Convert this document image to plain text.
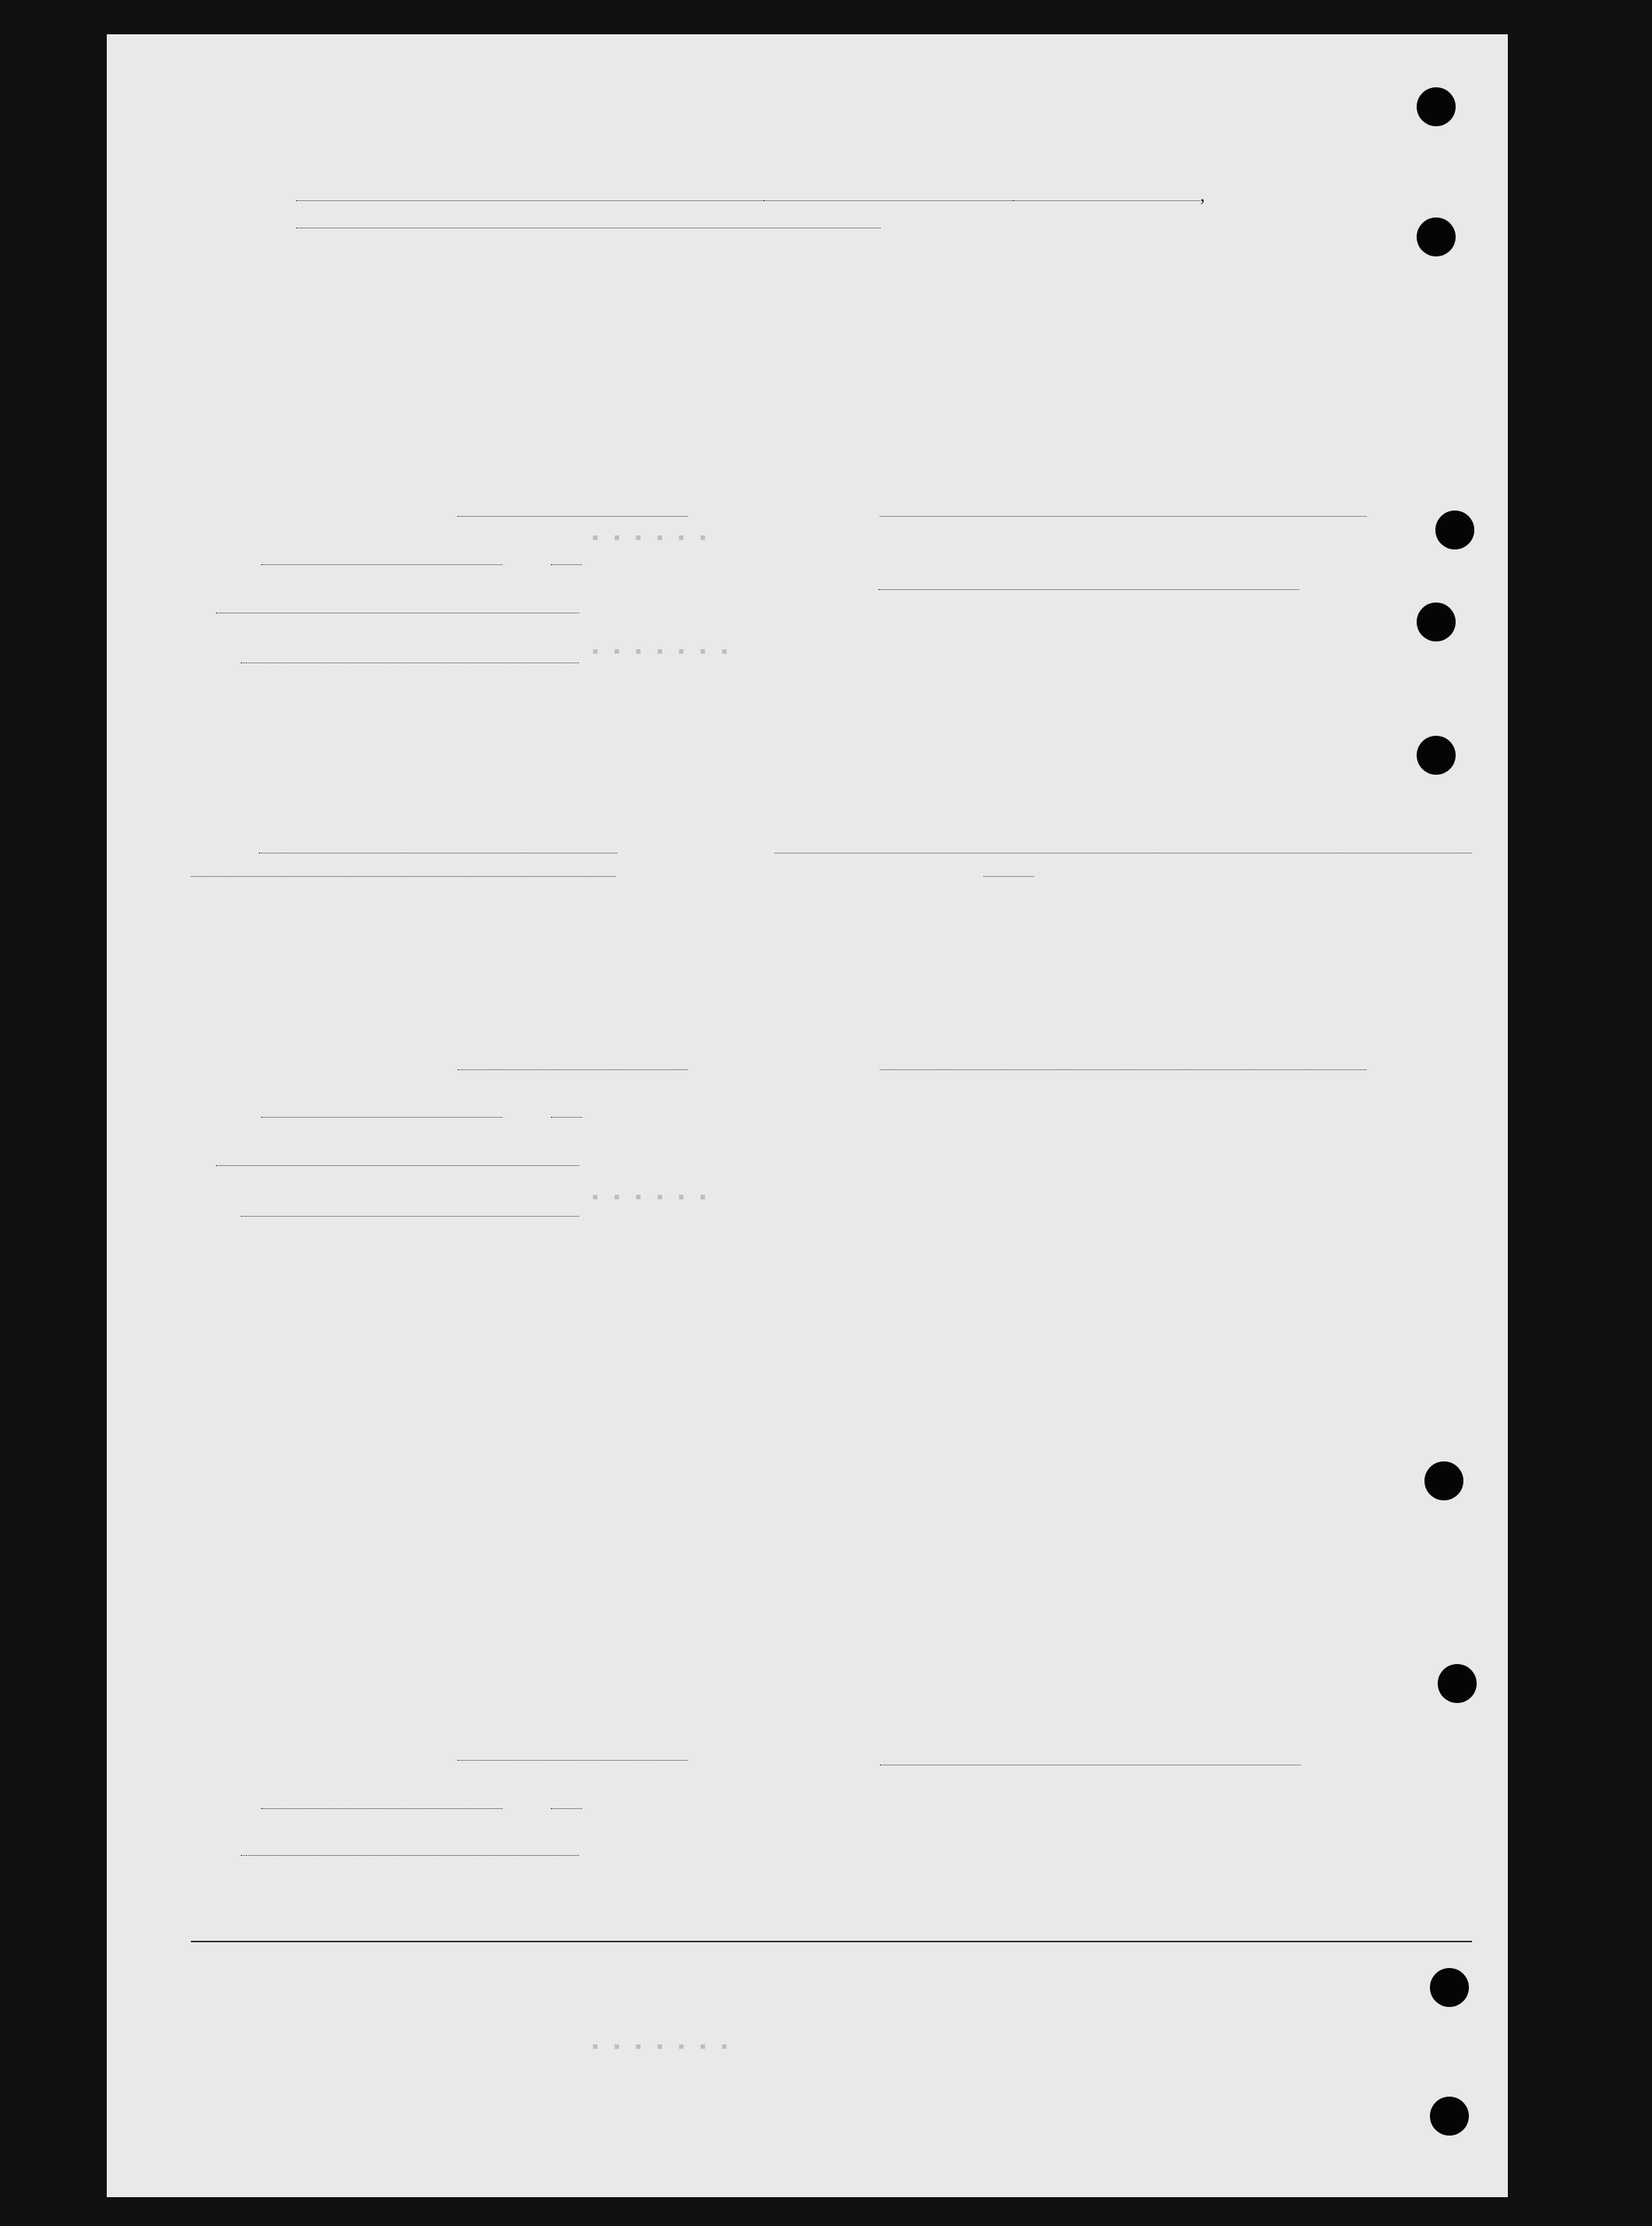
,

▪ ▪ ▪ ▪ ▪ ▪
▪ ▪ ▪ ▪ ▪ ▪ ▪
▪ ▪ ▪ ▪ ▪ ▪
▪ ▪ ▪ ▪ ▪ ▪ ▪
